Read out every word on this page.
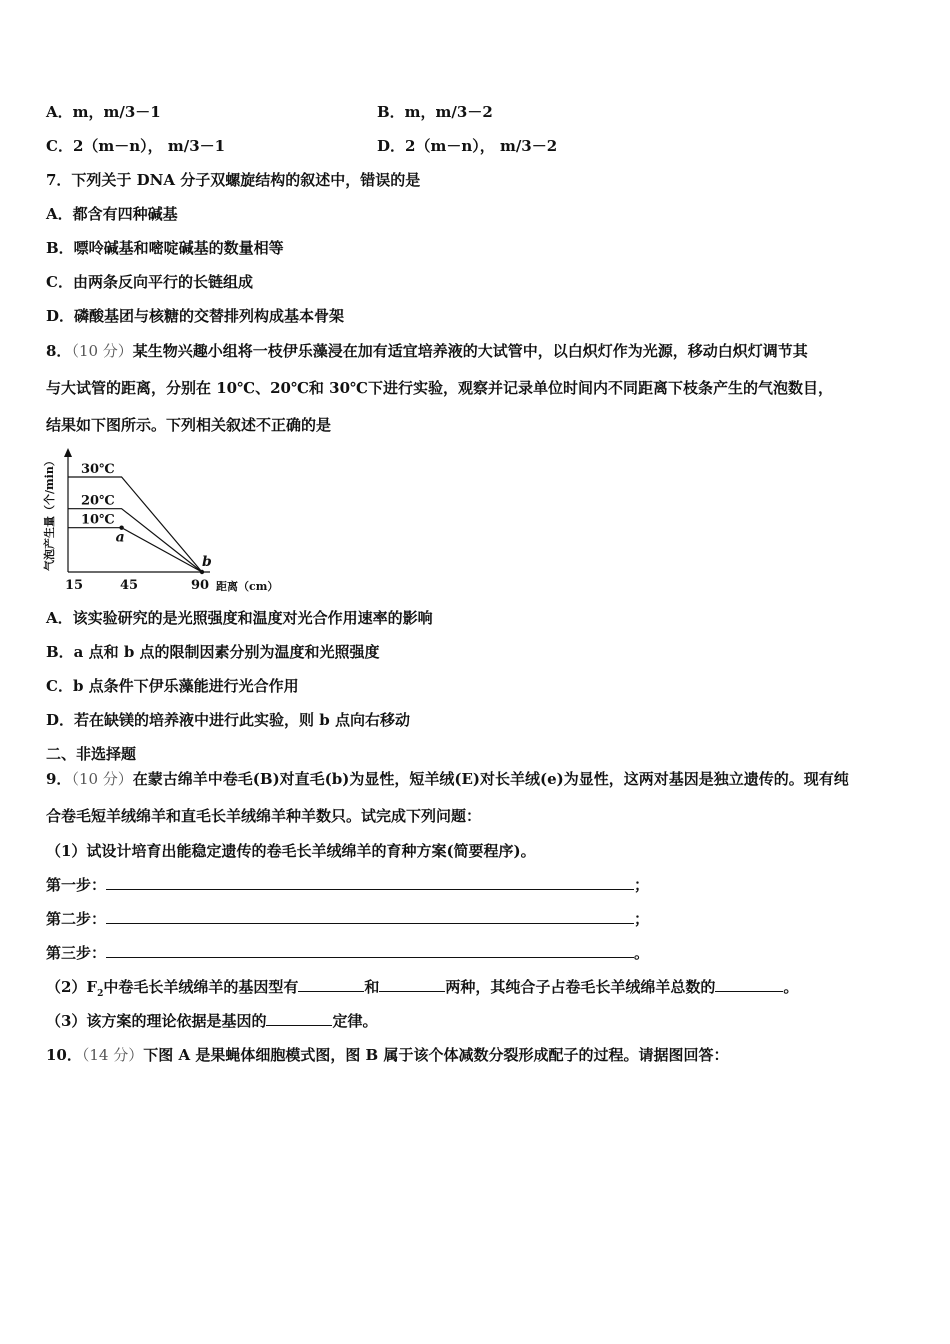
A．m，m/3－1	B．m，m/3－2
C．2（m－n）， m/3－1	D．2（m－n）， m/3－2
7．下列关于 DNA 分子双螺旋结构的叙述中，错误的是
A．都含有四种碱基
B．嘌呤碱基和嘧啶碱基的数量相等
C．由两条反向平行的长链组成
D．磷酸基团与核糖的交替排列构成基本骨架
8．（10 分）某生物兴趣小组将一枝伊乐藻浸在加有适宜培养液的大试管中，以白炽灯作为光源，移动白炽灯调节其
与大试管的距离，分别在 10℃、20℃和 30℃下进行实验，观察并记录单位时间内不同距离下枝条产生的气泡数目，
结果如下图所示。下列相关叙述不正确的是
气泡产生量（个/min） 30℃
20℃
10℃
a
b
15	45	90 距离（cm）
A．该实验研究的是光照强度和温度对光合作用速率的影响
B．a 点和 b 点的限制因素分别为温度和光照强度
C．b 点条件下伊乐藻能进行光合作用
D．若在缺镁的培养液中进行此实验，则 b 点向右移动
二、非选择题
9．（10 分）在蒙古绵羊中卷毛(B)对直毛(b)为显性，短羊绒(E)对长羊绒(e)为显性，这两对基因是独立遗传的。现有纯
合卷毛短羊绒绵羊和直毛长羊绒绵羊种羊数只。试完成下列问题：
（1）试设计培育出能稳定遗传的卷毛长羊绒绵羊的育种方案(简要程序)。
第一步：	；
第二步：	；
第三步：	。
$(2)F_2$中卷毛长羊绒绵羊的基因型有	和	两种，其纯合子占卷毛长羊绒绵羊总数的	。
（3）该方案的理论依据是基因的	定律。
10．（14 分）下图 A 是果蝇体细胞模式图，图 B 属于该个体减数分裂形成配子的过程。请据图回答：
